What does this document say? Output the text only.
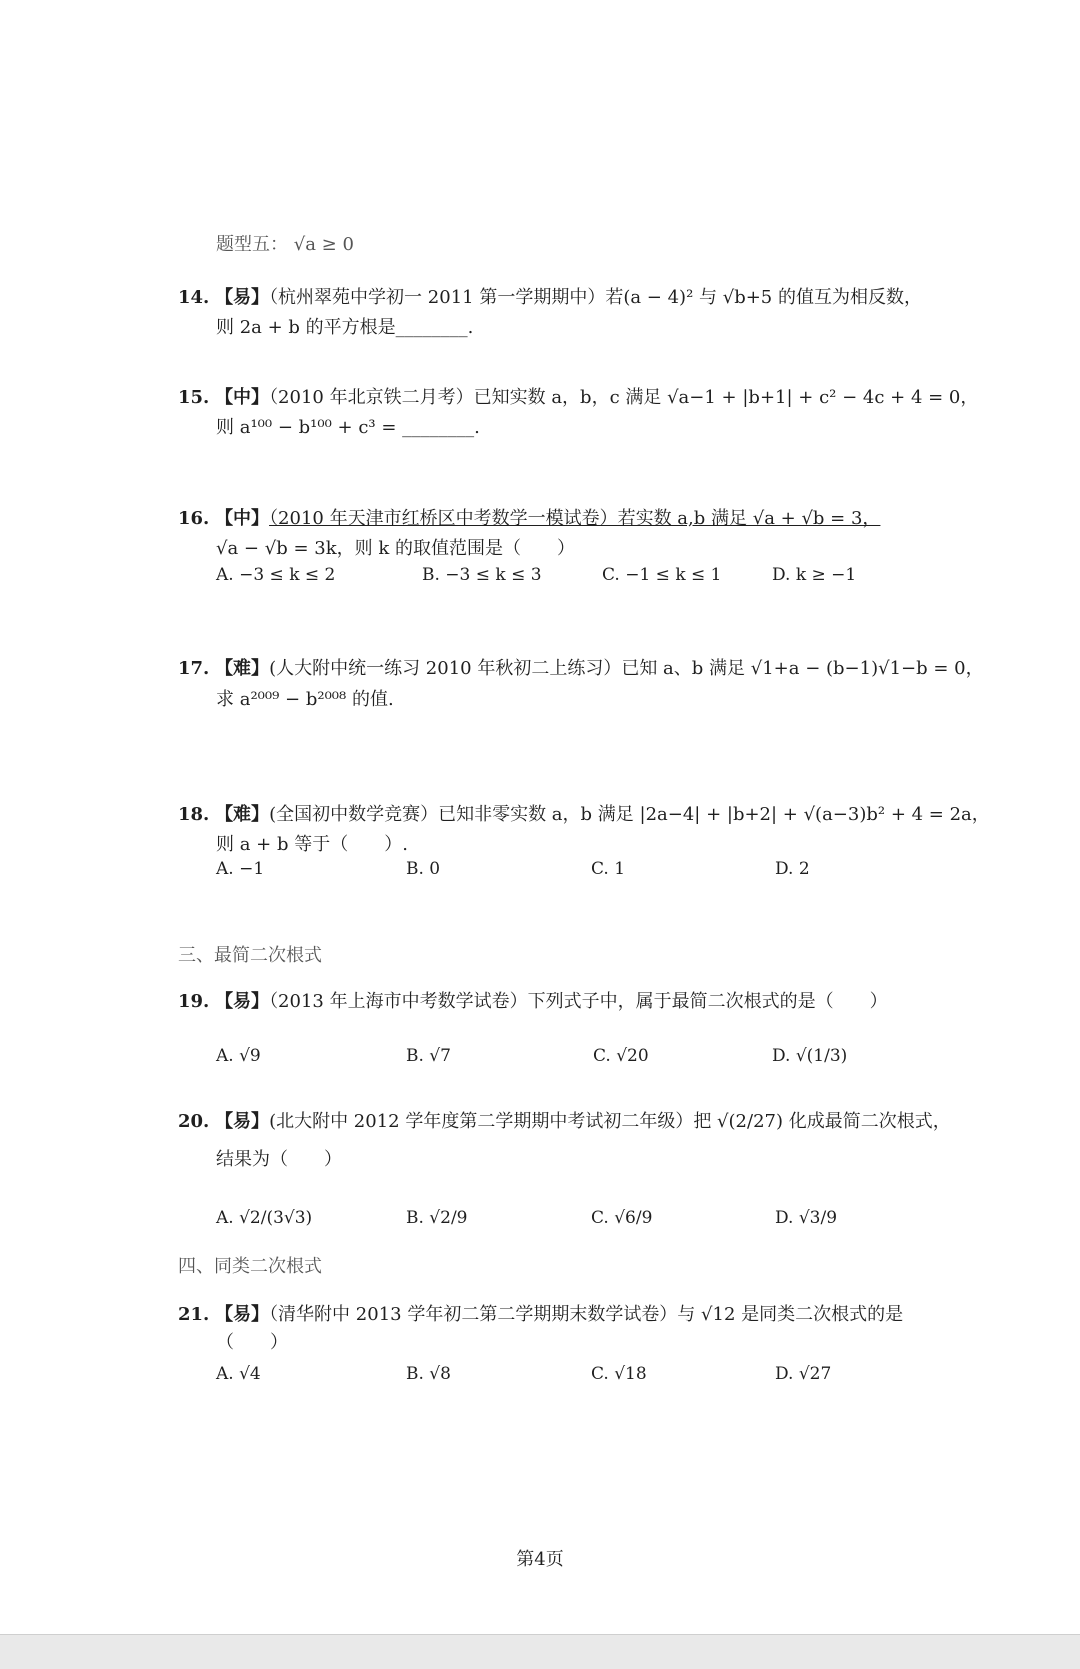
题型五： √a ≥ 0
14. 【易】（杭州翠苑中学初一 2011 第一学期期中）若(a − 4)² 与 √b+5 的值互为相反数，
则 2a + b 的平方根是________.
15. 【中】（2010 年北京铁二月考）已知实数 a，b，c 满足 √a−1 + |b+1| + c² − 4c + 4 = 0，
则 a¹⁰⁰ − b¹⁰⁰ + c³ = ________.
16. 【中】（2010 年天津市红桥区中考数学一模试卷）若实数 a,b 满足 √a + √b = 3，
√a − √b = 3k，则 k 的取值范围是（　　）
A. −3 ≤ k ≤ 2	B. −3 ≤ k ≤ 3	C. −1 ≤ k ≤ 1	D. k ≥ −1
17. 【难】(人大附中统一练习 2010 年秋初二上练习）已知 a、b 满足 √1+a − (b−1)√1−b = 0，
求 a²⁰⁰⁹ − b²⁰⁰⁸ 的值.
18. 【难】(全国初中数学竞赛）已知非零实数 a，b 满足 |2a−4| + |b+2| + √(a−3)b² + 4 = 2a，
则 a + b 等于（　　）.
A. −1	B. 0	C. 1	D. 2
三、最简二次根式
19. 【易】（2013 年上海市中考数学试卷）下列式子中，属于最简二次根式的是（　　）
A. √9	B. √7	C. √20	D. √(1/3)
20. 【易】(北大附中 2012 学年度第二学期期中考试初二年级）把 √(2/27) 化成最简二次根式，
结果为（　　）
A. √2/(3√3)	B. √2/9	C. √6/9	D. √3/9
四、同类二次根式
21. 【易】（清华附中 2013 学年初二第二学期期末数学试卷）与 √12 是同类二次根式的是
（　　）
A. √4	B. √8	C. √18	D. √27
第4页
